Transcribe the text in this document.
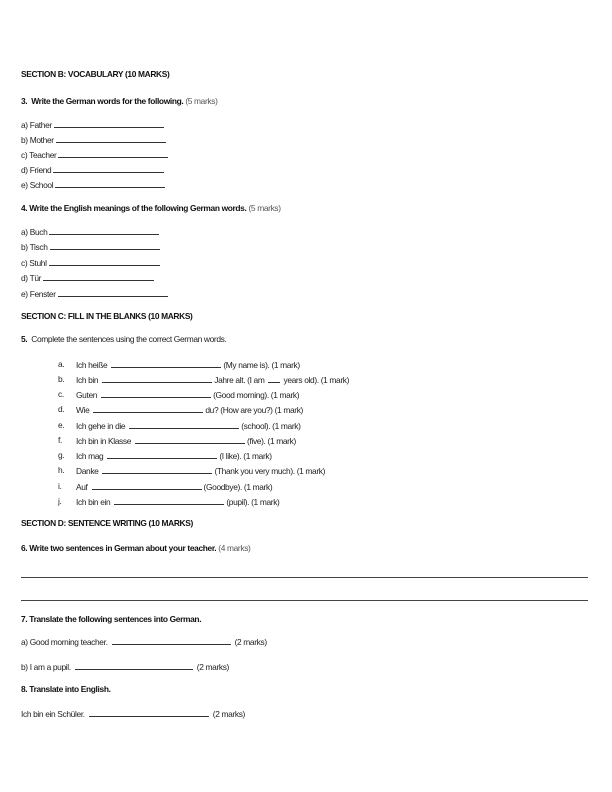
SECTION B: VOCABULARY (10 MARKS)
3. Write the German words for the following. (5 marks)
a) Father
b) Mother
c) Teacher
d) Friend
e) School
4. Write the English meanings of the following German words. (5 marks)
a) Buch
b) Tisch
c) Stuhl
d) Tür
e) Fenster
SECTION C: FILL IN THE BLANKS (10 MARKS)
5. Complete the sentences using the correct German words.
a. Ich heiße	(My name is). (1 mark)
b. Ich bin	Jahre alt. (I am years old). (1 mark)
c. Guten	(Good morning). (1 mark)
d. Wie	du? (How are you?) (1 mark)
e. Ich gehe in die	(school). (1 mark)
f. Ich bin in Klasse	(five). (1 mark)
g. Ich mag	(I like). (1 mark)
h. Danke	(Thank you very much). (1 mark)
i. Auf	(Goodbye). (1 mark)
j. Ich bin ein	(pupil). (1 mark)
SECTION D: SENTENCE WRITING (10 MARKS)
6. Write two sentences in German about your teacher. (4 marks)
7. Translate the following sentences into German.
a) Good morning teacher.	(2 marks)
b) I am a pupil.	(2 marks)
8. Translate into English.
Ich bin ein Schüler.	(2 marks)
